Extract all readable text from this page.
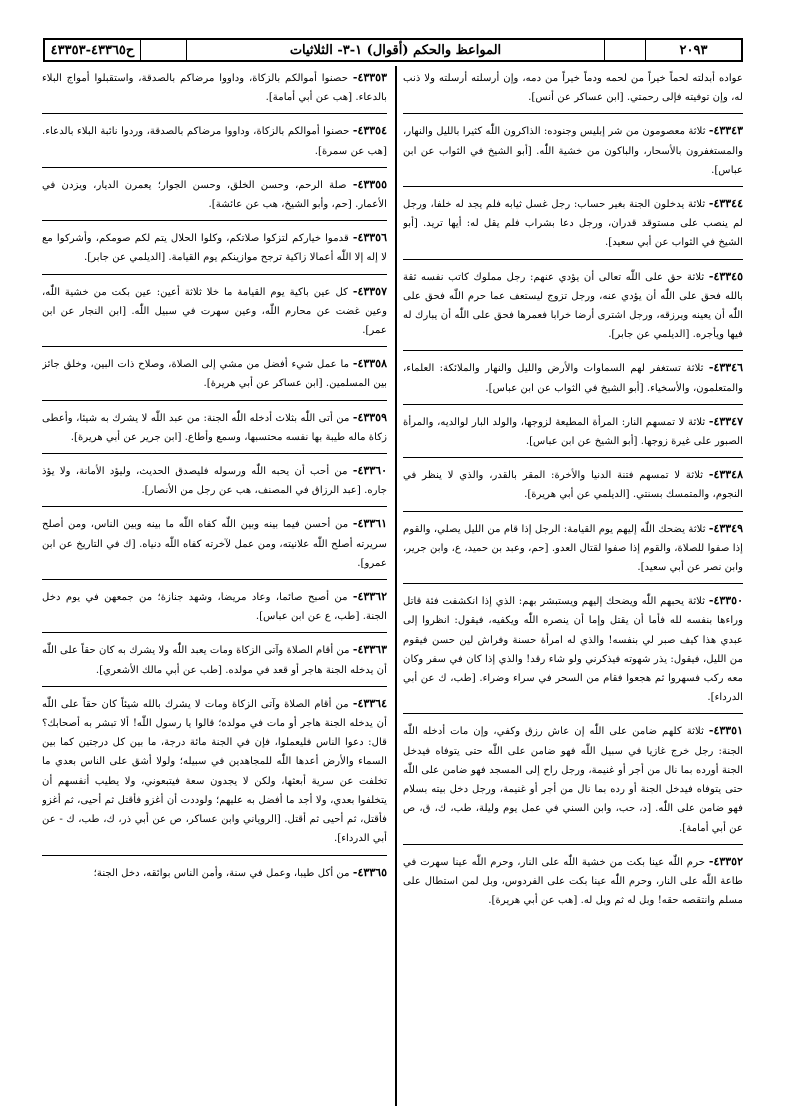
ح٤٣٣٦٥-٤٣٣٥٣	المواعظ والحكم (أقوال) ١-٣- الثلاثيات	٢٠٩٣
عواده أبدلته لحماً خيراً من لحمه ودماً خيراً من دمه، وإن أرسلته أرسلته ولا ذنب له، وإن توفيته فإلى رحمتي. [ابن عساكر عن أنس].
٤٣٣٤٣- ثلاثة معصومون من شر إبليس وجنوده: الذاكرون اللّٰه كثيرا بالليل والنهار، والمستغفرون بالأسحار، والباكون من خشية اللّٰه. [أبو الشيخ في الثواب عن ابن عباس].
٤٣٣٤٤- ثلاثة يدخلون الجنة بغير حساب: رجل غسل ثيابه فلم يجد له خلفا، ورجل لم ينصب على مستوقد قدران، ورجل دعا بشراب فلم يقل له: أيها تريد. [أبو الشيخ في الثواب عن أبي سعيد].
٤٣٣٤٥- ثلاثة حق على اللّٰه تعالى أن يؤدي عنهم: رجل مملوك كاتب نفسه ثقة بالله فحق على اللّٰه أن يؤدي عنه، ورجل تزوج ليستعف عما حرم اللّٰه فحق على اللّٰه أن يعينه ويرزقه، ورجل اشترى أرضا خرابا فعمرها فحق على اللّٰه أن يبارك له فيها ويأجره. [الديلمي عن جابر].
٤٣٣٤٦- ثلاثة تستغفر لهم السماوات والأرض والليل والنهار والملائكة: العلماء، والمتعلمون، والأسخياء. [أبو الشيخ في الثواب عن ابن عباس].
٤٣٣٤٧- ثلاثة لا تمسهم النار: المرأة المطيعة لزوجها، والولد البار لوالديه، والمرأة الصبور على غيرة زوجها. [أبو الشيخ عن ابن عباس].
٤٣٣٤٨- ثلاثة لا تمسهم فتنة الدنيا والأخرة: المقر بالقدر، والذي لا ينظر في النجوم، والمتمسك بسنتي. [الديلمي عن أبي هريرة].
٤٣٣٤٩- ثلاثة يضحك اللّٰه إليهم يوم القيامة: الرجل إذا قام من الليل يصلي، والقوم إذا صفوا للصلاة، والقوم إذا صفوا لقتال العدو. [حم، وعبد بن حميد، ع، وابن جرير، وابن نصر عن أبي سعيد].
٤٣٣٥٠- ثلاثة يحبهم اللّٰه ويضحك إليهم ويستبشر بهم: الذي إذا انكشفت فئة قاتل وراءها بنفسه لله فأما أن يقتل وإما أن ينصره اللّٰه ويكفيه، فيقول: انظروا إلى عبدي هذا كيف صبر لي بنفسه! والذي له امرأة حسنة وفراش لين حسن فيقوم من الليل، فيقول: يذر شهوته فيذكرني ولو شاء رقد! والذي إذا كان في سفر وكان معه ركب فسهروا ثم هجعوا فقام من السحر في سراء وضراء. [طب، ك عن أبي الدرداء].
٤٣٣٥١- ثلاثة كلهم ضامن على اللّٰه إن عاش رزق وكفي، وإن مات أدخله اللّٰه الجنة: رجل خرج غازيا في سبيل اللّٰه فهو ضامن على اللّٰه حتى يتوفاه فيدخل الجنة أورده بما نال من أجر أو غنيمة، ورجل راح إلى المسجد فهو ضامن على اللّٰه حتى يتوفاه فيدخل الجنة أو رده بما نال من أجر أو غنيمة، ورجل دخل بيته بسلام فهو ضامن على اللّٰه. [د، حب، وابن السني في عمل يوم وليلة، طب، ك، ق، ص عن أبي أمامة].
٤٣٣٥٢- حرم اللّٰه عينا بكت من خشية اللّٰه على النار، وحرم اللّٰه عينا سهرت في طاعة اللّٰه على النار، وحرم اللّٰه عينا بكت على الفردوس، وبل لمن استطال على مسلم وانتقصه حقه! وبل له ثم وبل له. [هب عن أبي هريرة].
٤٣٣٥٣- حصنوا أموالكم بالزكاة، وداووا مرضاكم بالصدقة، واستقبلوا أمواج البلاء بالدعاء. [هب عن أبي أمامة].
٤٣٣٥٤- حصنوا أموالكم بالزكاة، وداووا مرضاكم بالصدقة، وردوا نائبة البلاء بالدعاء. [هب عن سمرة].
٤٣٣٥٥- صلة الرحم، وحسن الخلق، وحسن الجوار؛ يعمرن الديار، ويزدن في الأعمار. [حم، وأبو الشيخ، هب عن عائشة].
٤٣٣٥٦- قدموا خياركم لتزكوا صلاتكم، وكلوا الحلال يتم لكم صومكم، وأشركوا مع لا إله إلا اللّٰه أعمالا زاكية ترجح موازينكم يوم القيامة. [الديلمي عن جابر].
٤٣٣٥٧- كل عين باكية يوم القيامة ما خلا ثلاثة أعين: عين بكت من خشية اللّٰه، وعين غضت عن محارم اللّٰه، وعين سهرت في سبيل اللّٰه. [ابن النجار عن ابن عمر].
٤٣٣٥٨- ما عمل شيء أفضل من مشي إلى الصلاة، وصلاح ذات البين، وخلق جائز بين المسلمين. [ابن عساكر عن أبي هريرة].
٤٣٣٥٩- من أتى اللّٰه بثلاث أدخله اللّٰه الجنة: من عبد اللّٰه لا يشرك به شيئا، وأعطى زكاة ماله طيبة بها نفسه محتسبها، وسمع وأطاع. [ابن جرير عن أبي هريرة].
٤٣٣٦٠- من أحب أن يحبه اللّٰه ورسوله فليصدق الحديث، وليؤد الأمانة، ولا يؤذ جاره. [عبد الرزاق في المصنف، هب عن رجل من الأنصار].
٤٣٣٦١- من أحسن فيما بينه وبين اللّٰه كفاه اللّٰه ما بينه وبين الناس، ومن أصلح سريرته أصلح اللّٰه علانيته، ومن عمل لآخرته كفاه اللّٰه دنياه. [ك في التاريخ عن ابن عمرو].
٤٣٣٦٢- من أصبح صائما، وعاد مريضا، وشهد جنازة؛ من جمعهن في يوم دخل الجنة. [طب، ع عن ابن عباس].
٤٣٣٦٣- من أقام الصلاة وآتى الزكاة ومات يعبد اللّٰه ولا يشرك به كان حقاً على اللّٰه أن يدخله الجنة هاجر أو قعد في مولده. [طب عن أبي مالك الأشعري].
٤٣٣٦٤- من أقام الصلاة وآتى الزكاة ومات لا يشرك بالله شيئاً كان حقاً على اللّٰه أن يدخله الجنة هاجر أو مات في مولده؛ قالوا يا رسول اللّٰه! ألا تبشر به أصحابك؟ قال: دعوا الناس فليعملوا، فإن في الجنة مائة درجة، ما بين كل درجتين كما بين السماء والأرض أعدها اللّٰه للمجاهدين في سبيله؛ ولولا أشق على الناس بعدي ما تخلفت عن سرية أبعثها، ولكن لا يجدون سعة فيتبعوني، ولا يطيب أنفسهم أن يتخلفوا بعدي، ولا أجد ما أفضل به عليهم؛ ولوددت أن أغزو فأقتل ثم أحيى، ثم أغزو فأقتل، ثم أحيى ثم أقتل. [الروياني وابن عساكر، ص عن أبي ذر، ك، طب، ك - عن أبي الدرداء].
٤٣٣٦٥- من أكل طيبا، وعمل في سنة، وأمن الناس بوائقه، دخل الجنة؛
